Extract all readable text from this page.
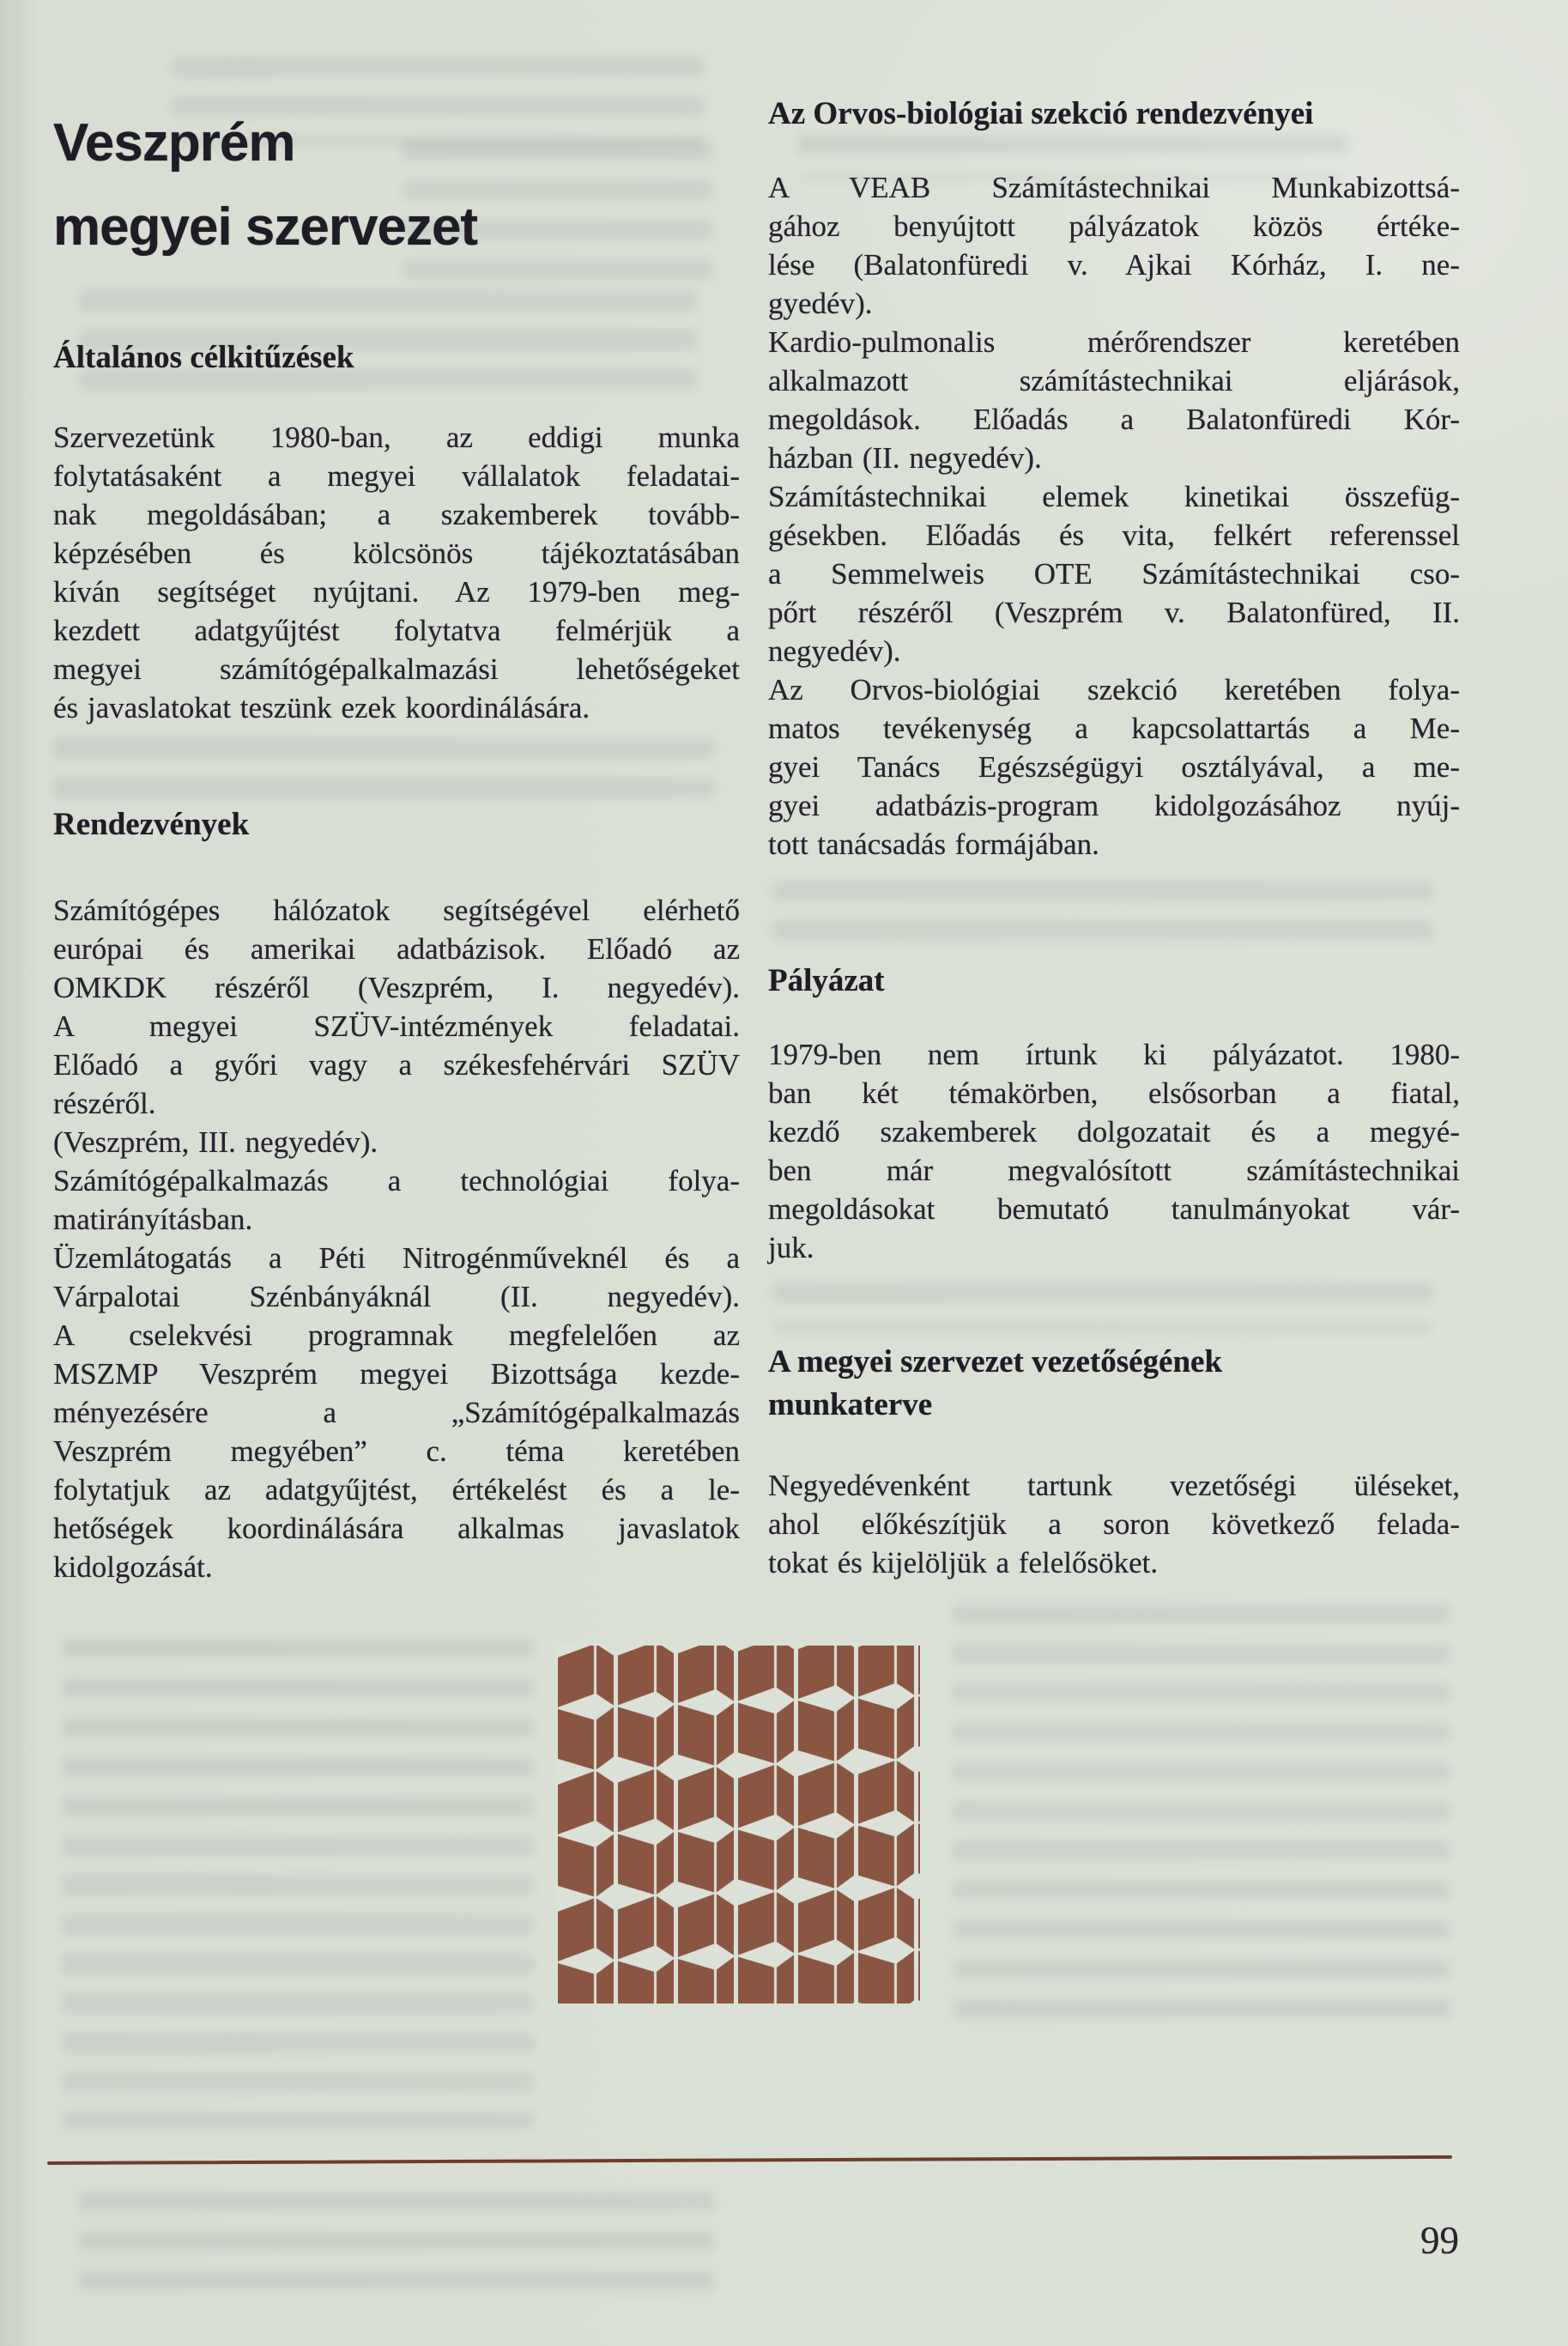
Veszprém
megyei szervezet
Általános célkitűzések
Szervezetünk 1980-ban, az eddigi munka
folytatásaként a megyei vállalatok feladatai-
nak megoldásában; a szakemberek tovább-
képzésében és kölcsönös tájékoztatásában
kíván segítséget nyújtani. Az 1979-ben meg-
kezdett adatgyűjtést folytatva felmérjük a
megyei számítógépalkalmazási lehetőségeket
és javaslatokat teszünk ezek koordinálására.
Rendezvények
Számítógépes hálózatok segítségével elérhető
európai és amerikai adatbázisok. Előadó az
OMKDK részéről (Veszprém, I. negyedév).
A megyei SZÜV-intézmények feladatai.
Előadó a győri vagy a székesfehérvári SZÜV
részéről.
(Veszprém, III. negyedév).
Számítógépalkalmazás a technológiai folya-
matirányításban.
Üzemlátogatás a Péti Nitrogénműveknél és a
Várpalotai Szénbányáknál (II. negyedév).
A cselekvési programnak megfelelően az
MSZMP Veszprém megyei Bizottsága kezde-
ményezésére a „Számítógépalkalmazás
Veszprém megyében” c. téma keretében
folytatjuk az adatgyűjtést, értékelést és a le-
hetőségek koordinálására alkalmas javaslatok
kidolgozását.
Az Orvos-biológiai szekció rendezvényei
A VEAB Számítástechnikai Munkabizottsá-
gához benyújtott pályázatok közös értéke-
lése (Balatonfüredi v. Ajkai Kórház, I. ne-
gyedév).
Kardio-pulmonalis mérőrendszer keretében
alkalmazott számítástechnikai eljárások,
megoldások. Előadás a Balatonfüredi Kór-
házban (II. negyedév).
Számítástechnikai elemek kinetikai összefüg-
gésekben. Előadás és vita, felkért referenssel
a Semmelweis OTE Számítástechnikai cso-
pőrt részéről (Veszprém v. Balatonfüred, II.
negyedév).
Az Orvos-biológiai szekció keretében folya-
matos tevékenység a kapcsolattartás a Me-
gyei Tanács Egészségügyi osztályával, a me-
gyei adatbázis-program kidolgozásához nyúj-
tott tanácsadás formájában.
Pályázat
1979-ben nem írtunk ki pályázatot. 1980-
ban két témakörben, elsősorban a fiatal,
kezdő szakemberek dolgozatait és a megyé-
ben már megvalósított számítástechnikai
megoldásokat bemutató tanulmányokat vár-
juk.
A megyei szervezet vezetőségének
munkaterve
Negyedévenként tartunk vezetőségi üléseket,
ahol előkészítjük a soron következő felada-
tokat és kijelöljük a felelősöket.
99
